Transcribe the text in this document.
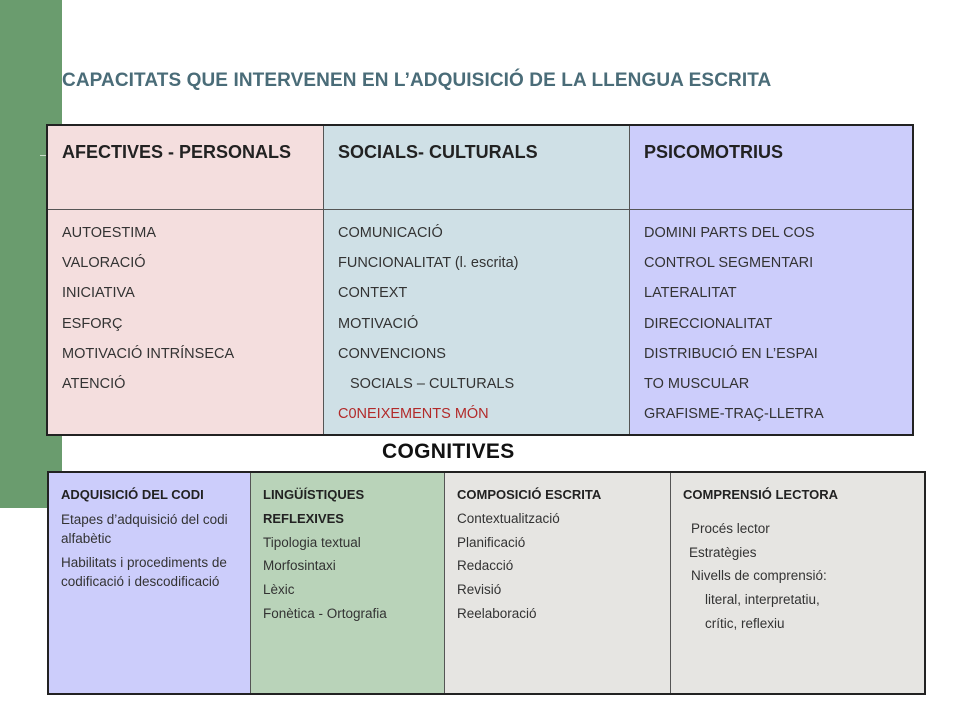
CAPACITATS QUE INTERVENEN EN L’ADQUISICIÓ DE LA LLENGUA ESCRITA
AFECTIVES - PERSONALS	SOCIALS- CULTURALS	PSICOMOTRIUS
AUTOESTIMA
VALORACIÓ
INICIATIVA
ESFORÇ
MOTIVACIÓ INTRÍNSECA
ATENCIÓ
COMUNICACIÓ
FUNCIONALITAT (l. escrita)
CONTEXT
MOTIVACIÓ
CONVENCIONS
SOCIALS – CULTURALS
C0NEIXEMENTS MÓN
DOMINI PARTS DEL COS
CONTROL SEGMENTARI
LATERALITAT
DIRECCIONALITAT
DISTRIBUCIÓ EN L’ESPAI
TO MUSCULAR
GRAFISME-TRAÇ-LLETRA
COGNITIVES
ADQUISICIÓ DEL CODI
Etapes d’adquisició del codi alfabètic
Habilitats i procediments de codificació i descodificació
LINGÜÍSTIQUES
REFLEXIVES
Tipologia textual
Morfosintaxi
Lèxic
Fonètica - Ortografia
COMPOSICIÓ ESCRITA
Contextualització
Planificació
Redacció
Revisió
Reelaboració
COMPRENSIÓ LECTORA
Procés lector
Estratègies
Nivells de comprensió:
literal, interpretatiu,
crític, reflexiu
